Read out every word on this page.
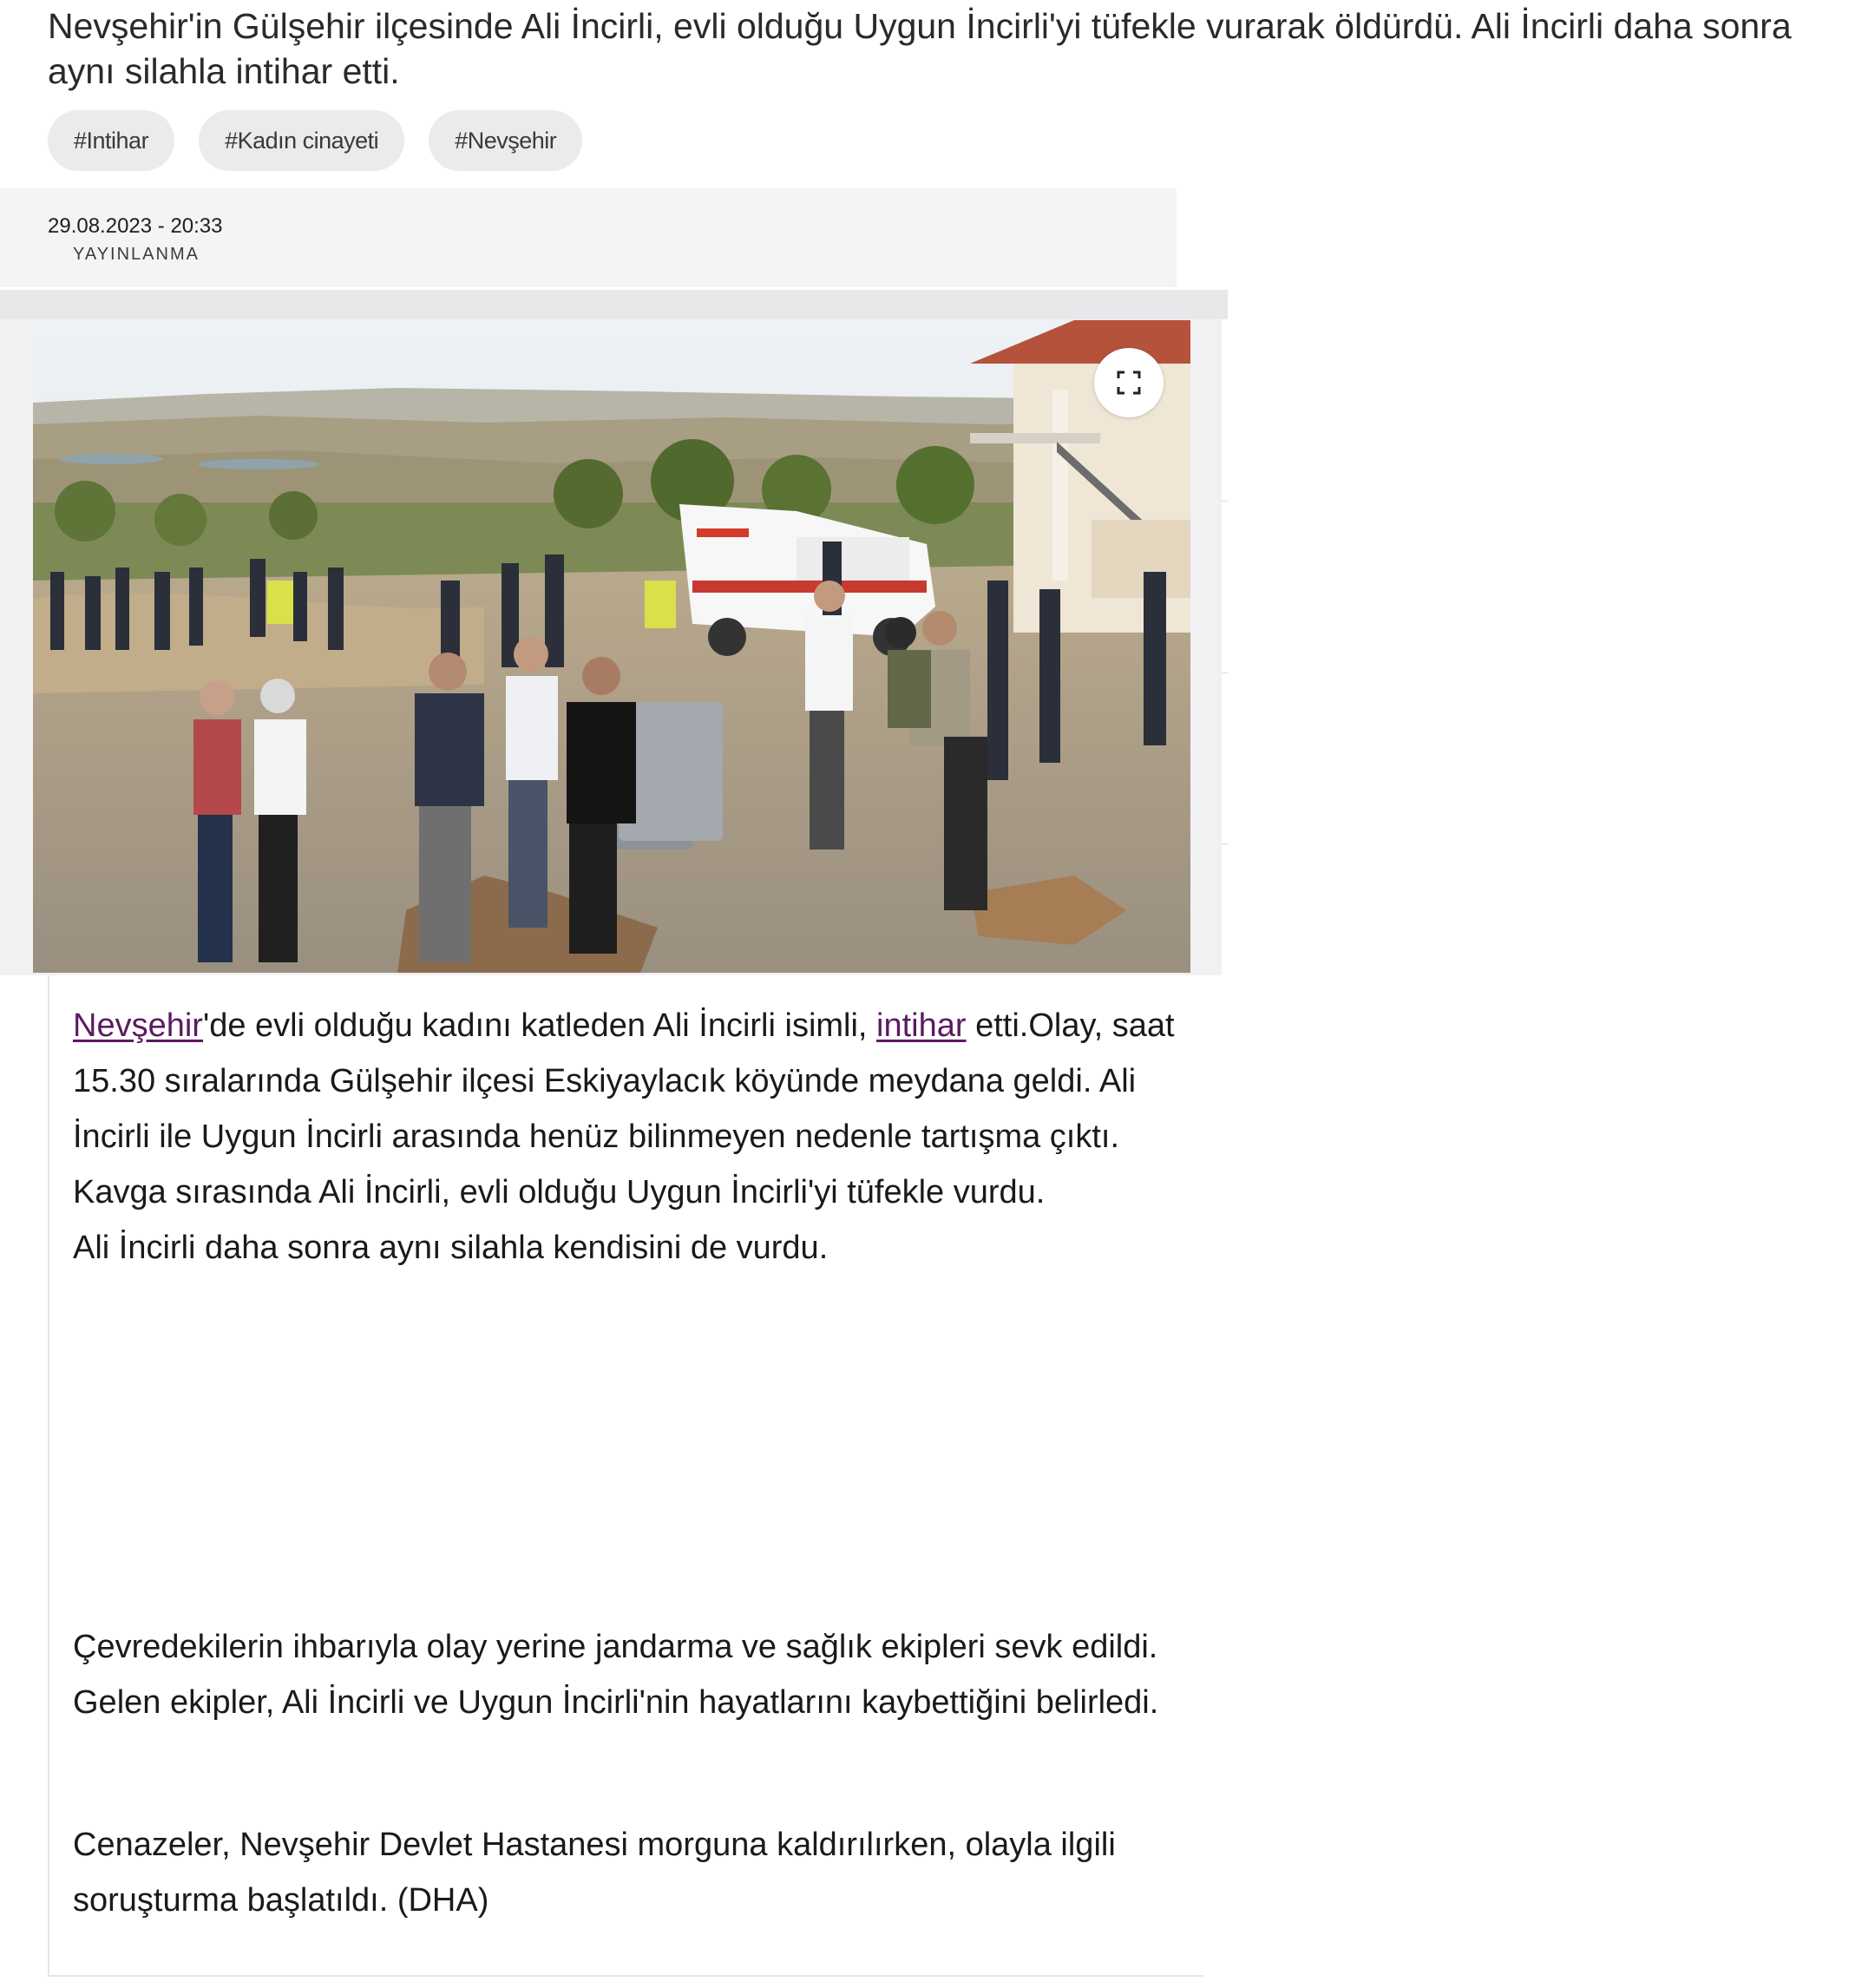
Nevşehir'in Gülşehir ilçesinde Ali İncirli, evli olduğu Uygun İncirli'yi tüfekle vurarak öldürdü. Ali İncirli daha sonra aynı silahla intihar etti.
#Intihar	#Kadın cinayeti	#Nevşehir
29.08.2023 - 20:33
YAYINLANMA

Nevşehir'de evli olduğu kadını katleden Ali İncirli isimli, intihar etti.Olay, saat 15.30 sıralarında Gülşehir ilçesi Eskiyaylacık köyünde meydana geldi. Ali İncirli ile Uygun İncirli arasında henüz bilinmeyen nedenle tartışma çıktı. Kavga sırasında Ali İncirli, evli olduğu Uygun İncirli'yi tüfekle vurdu.
Ali İncirli daha sonra aynı silahla kendisini de vurdu.

Çevredekilerin ihbarıyla olay yerine jandarma ve sağlık ekipleri sevk edildi. Gelen ekipler, Ali İncirli ve Uygun İncirli'nin hayatlarını kaybettiğini belirledi.

Cenazeler, Nevşehir Devlet Hastanesi morguna kaldırılırken, olayla ilgili soruşturma başlatıldı. (DHA)
